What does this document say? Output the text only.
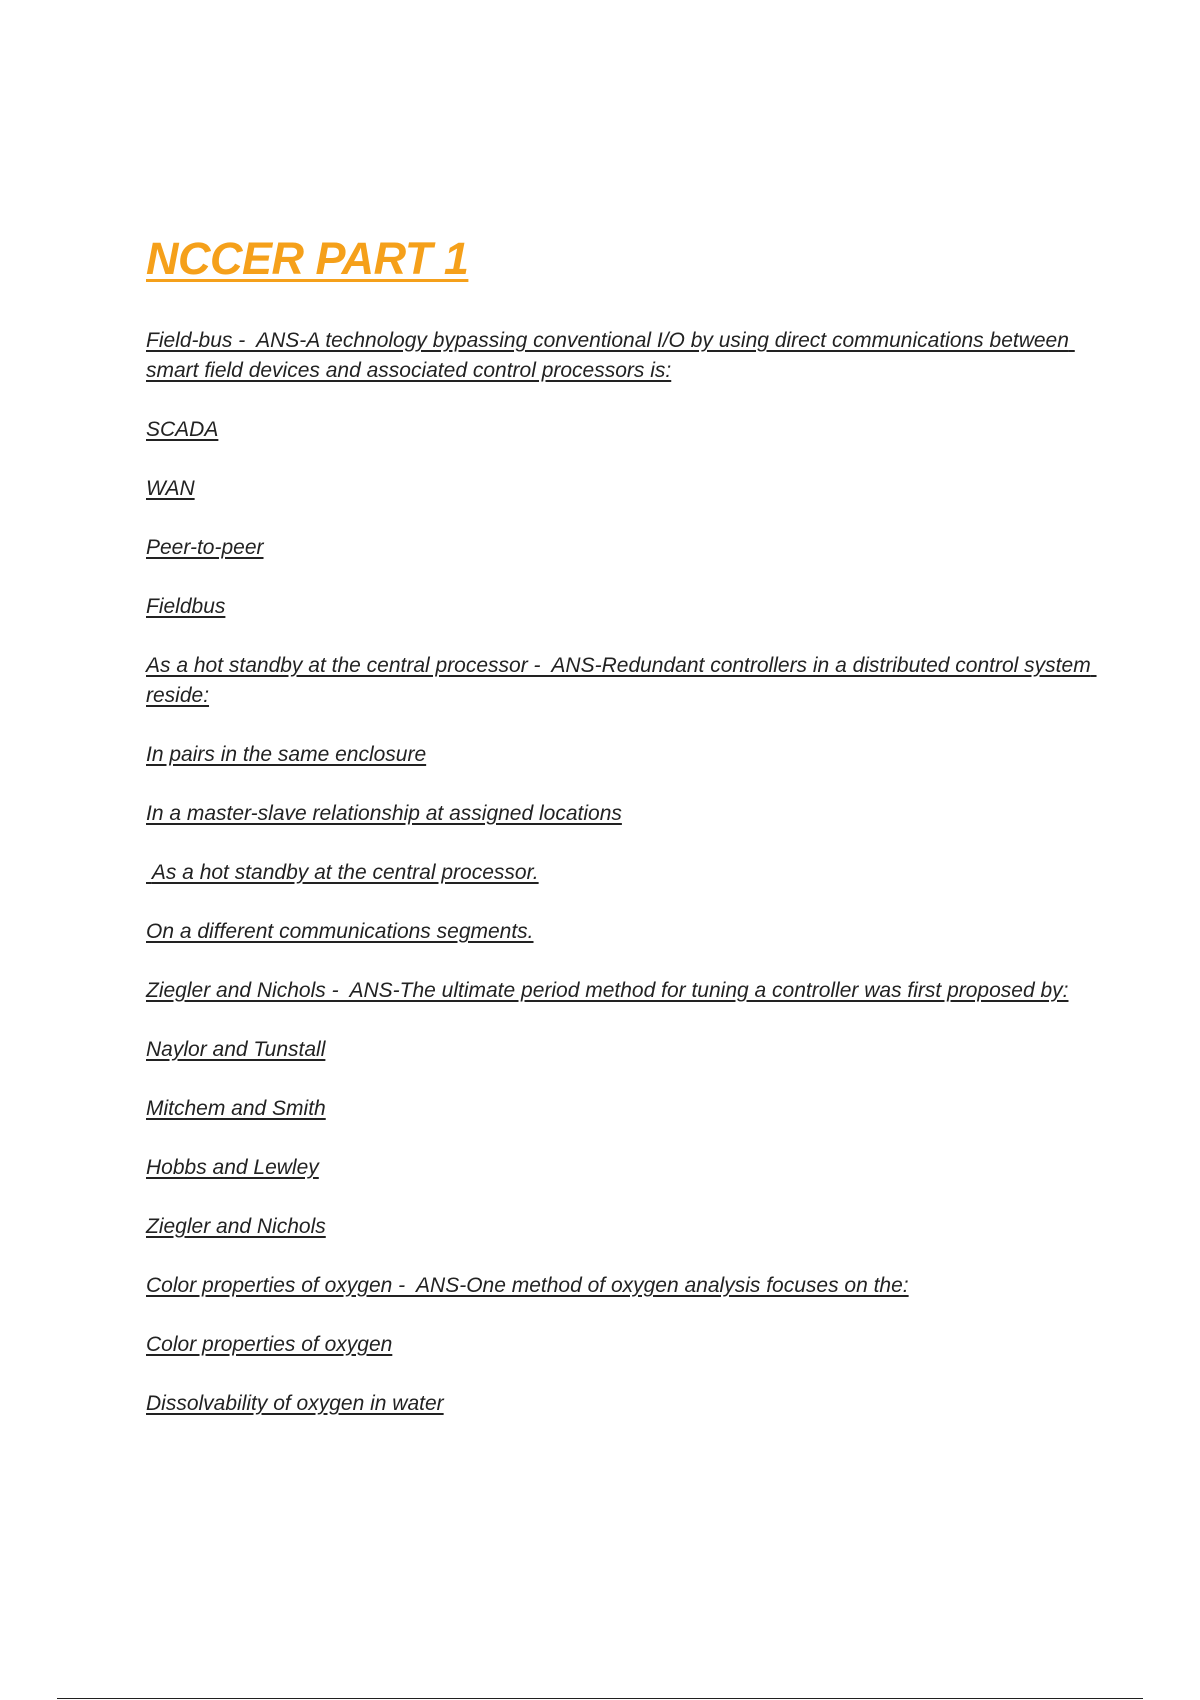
NCCER PART 1

Field-bus -  ANS-A technology bypassing conventional I/O by using direct communications between smart field devices and associated control processors is:

SCADA

WAN

Peer-to-peer

Fieldbus

As a hot standby at the central processor -  ANS-Redundant controllers in a distributed control system reside:

In pairs in the same enclosure

In a master-slave relationship at assigned locations

As a hot standby at the central processor.

On a different communications segments.

Ziegler and Nichols -  ANS-The ultimate period method for tuning a controller was first proposed by:

Naylor and Tunstall

Mitchem and Smith

Hobbs and Lewley

Ziegler and Nichols

Color properties of oxygen -  ANS-One method of oxygen analysis focuses on the:

Color properties of oxygen

Dissolvability of oxygen in water
